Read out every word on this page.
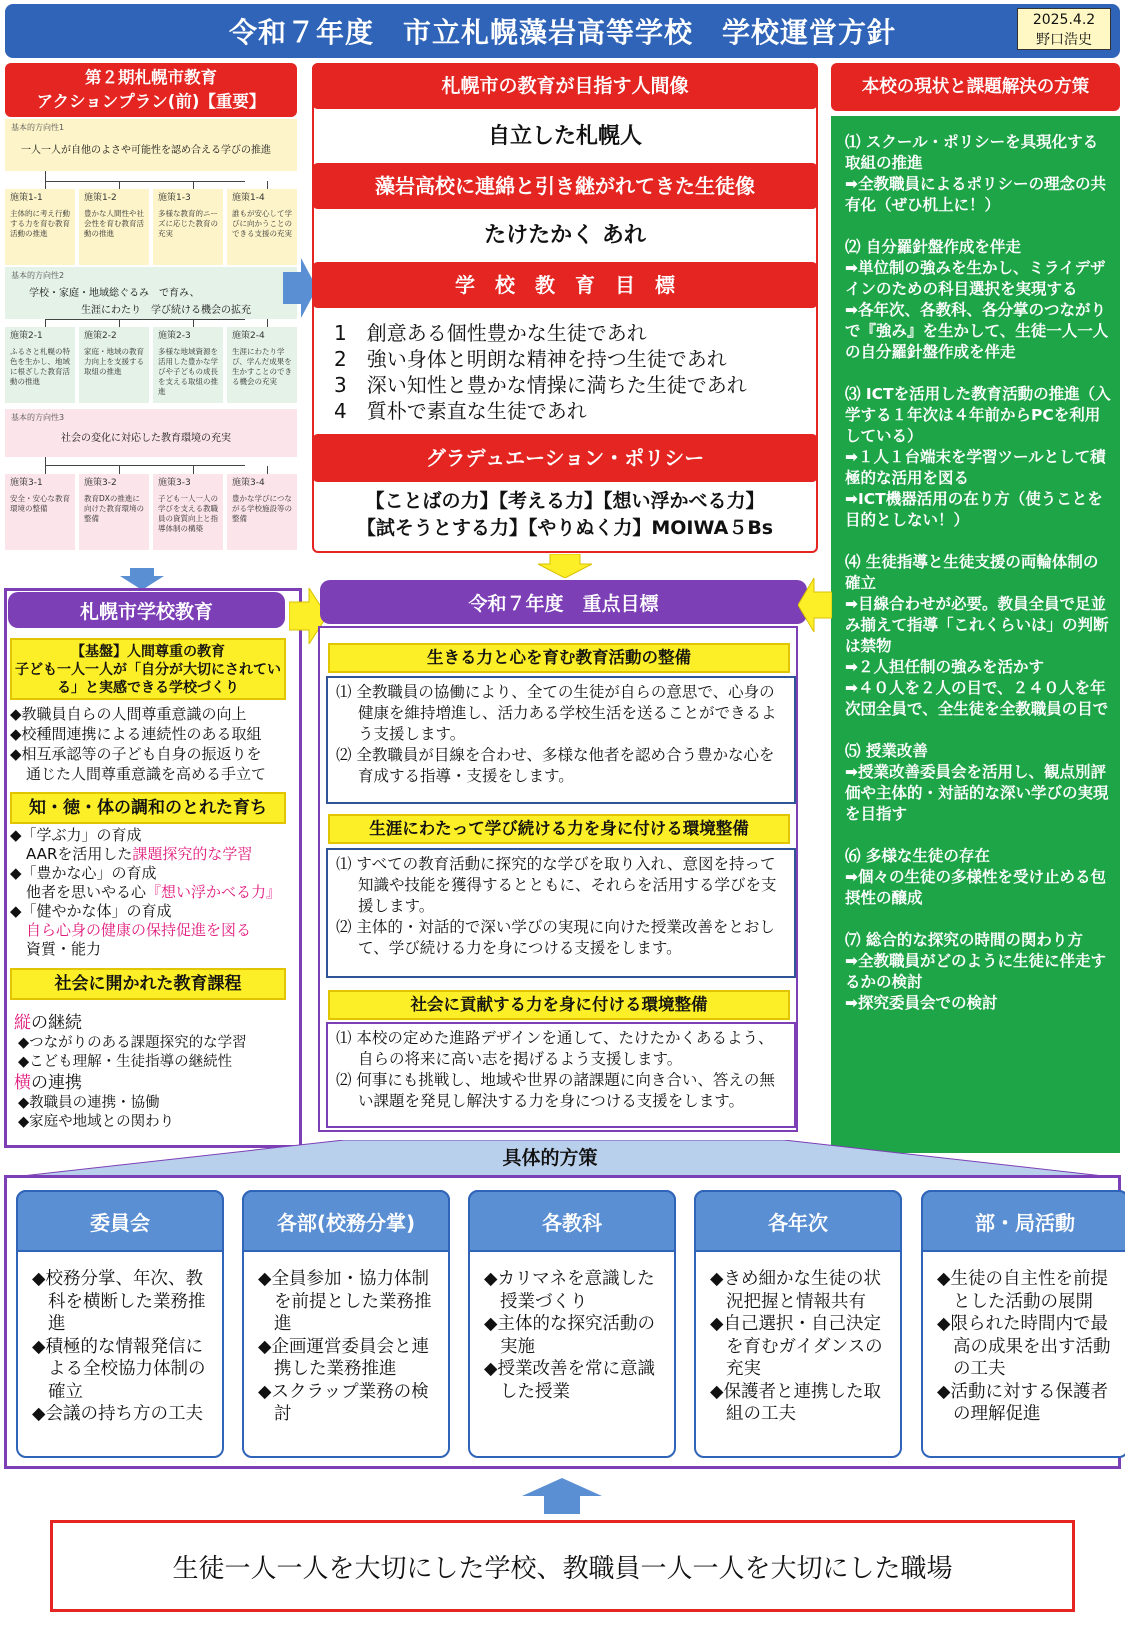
令和７年度　市立札幌藻岩高等学校　学校運営方針	2025.4.2
野口浩史
第２期札幌市教育
アクションプラン(前)【重要】
基本的方向性1
一人一人が自他のよさや可能性を認め合える学びの推進
基本的方向性2
学校・家庭・地域総ぐるみ　で育み、
生涯にわたり　学び続ける機会の拡充
基本的方向性3
社会の変化に対応した教育環境の充実
施策1-1
主体的に考え行動する力を育む教育活動の推進
施策1-2
豊かな人間性や社会性を育む教育活動の推進
施策1-3
多様な教育的ニーズに応じた教育の充実
施策1-4
誰もが安心して学びに向かうことのできる支援の充実
施策2-1
ふるさと札幌の特色を生かし、地域に根ざした教育活動の推進
施策2-2
家庭・地域の教育力向上を支援する取組の推進
施策2-3
多様な地域資源を活用した豊かな学びや子どもの成長を支える取組の推進
施策2-4
生涯にわたり学び、学んだ成果を生かすことのできる機会の充実
施策3-1
安全・安心な教育環境の整備
施策3-2
教育DXの推進に向けた教育環境の整備
施策3-3
子ども一人一人の学びを支える教職員の資質向上と指導体制の構築
施策3-4
豊かな学びにつながる学校施設等の整備
札幌市の教育が目指す人間像
自立した札幌人
藻岩高校に連綿と引き継がれてきた生徒像
たけたかく あれ
学　校　教　育　目　標
1　創意ある個性豊かな生徒であれ
2　強い身体と明朗な精神を持つ生徒であれ
3　深い知性と豊かな情操に満ちた生徒であれ
4　質朴で素直な生徒であれ
グラデュエーション・ポリシー
【ことばの力】【考える力】【想い浮かべる力】
【試そうとする力】【やりぬく力】MOIWA５Bs
本校の現状と課題解決の方策
⑴ スクール・ポリシーを具現化する取組の推進
➡全教職員によるポリシーの理念の共有化（ぜひ机上に！）
⑵ 自分羅針盤作成を伴走
➡単位制の強みを生かし、ミライデザインのための科目選択を実現する
➡各年次、各教科、各分掌のつながりで『強み』を生かして、生徒一人一人の自分羅針盤作成を伴走
⑶ ICTを活用した教育活動の推進（入学する１年次は４年前からPCを利用している）
➡１人１台端末を学習ツールとして積極的な活用を図る
➡ICT機器活用の在り方（使うことを目的としない！）
⑷ 生徒指導と生徒支援の両輪体制の確立
➡目線合わせが必要。教員全員で足並み揃えて指導「これくらいは」の判断は禁物
➡２人担任制の強みを活かす
➡４０人を２人の目で、２４０人を年次団全員で、全生徒を全教職員の目で
⑸ 授業改善
➡授業改善委員会を活用し、観点別評価や主体的・対話的な深い学びの実現を目指す
⑹ 多様な生徒の存在
➡個々の生徒の多様性を受け止める包摂性の醸成
⑺ 総合的な探究の時間の関わり方
➡全教職員がどのように生徒に伴走するかの検討
➡探究委員会での検討
札幌市学校教育
【基盤】人間尊重の教育
子ども一人一人が「自分が大切にされている」と実感できる学校づくり
◆教職員自らの人間尊重意識の向上
◆校種間連携による連続性のある取組
◆相互承認等の子ども自身の振返りを
通じた人間尊重意識を高める手立て
知・徳・体の調和のとれた育ち
◆「学ぶ力」の育成
AARを活用した課題探究的な学習
◆「豊かな心」の育成
他者を思いやる心『想い浮かべる力』
◆「健やかな体」の育成
自ら心身の健康の保持促進を図る
資質・能力
社会に開かれた教育課程
縦の継続
◆つながりのある課題探究的な学習
◆こども理解・生徒指導の継続性
横の連携
◆教職員の連携・協働
◆家庭や地域との関わり
令和７年度　重点目標
生きる力と心を育む教育活動の整備
⑴ 全教職員の協働により、全ての生徒が自らの意思で、心身の健康を維持増進し、活力ある学校生活を送ることができるよう支援します。
⑵ 全教職員が目線を合わせ、多様な他者を認め合う豊かな心を育成する指導・支援をします。
生涯にわたって学び続ける力を身に付ける環境整備
⑴ すべての教育活動に探究的な学びを取り入れ、意図を持って知識や技能を獲得するとともに、それらを活用する学びを支援します。
⑵ 主体的・対話的で深い学びの実現に向けた授業改善をとおして、学び続ける力を身につける支援をします。
社会に貢献する力を身に付ける環境整備
⑴ 本校の定めた進路デザインを通して、たけたかくあるよう、自らの将来に高い志を掲げるよう支援します。
⑵ 何事にも挑戦し、地域や世界の諸課題に向き合い、答えの無い課題を発見し解決する力を身につける支援をします。
具体的方策
委員会

◆校務分掌、年次、教科を横断した業務推進

◆積極的な情報発信による全校協力体制の確立

◆会議の持ち方の工夫

各部(校務分掌)

◆全員参加・協力体制を前提とした業務推進

◆企画運営委員会と連携した業務推進

◆スクラップ業務の検討

各教科

◆カリマネを意識した授業づくり

◆主体的な探究活動の実施

◆授業改善を常に意識した授業

各年次

◆きめ細かな生徒の状況把握と情報共有

◆自己選択・自己決定を育むガイダンスの充実

◆保護者と連携した取組の工夫

部・局活動

◆生徒の自主性を前提とした活動の展開

◆限られた時間内で最高の成果を出す活動の工夫

◆活動に対する保護者の理解促進

生徒一人一人を大切にした学校、教職員一人一人を大切にした職場
